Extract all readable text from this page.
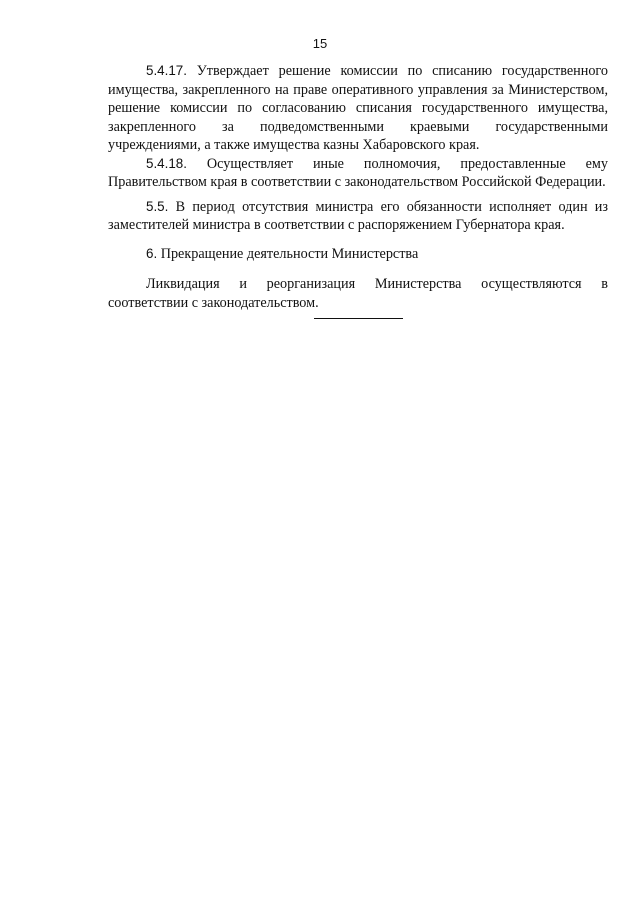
15

5.4.17. Утверждает решение комиссии по списанию государственного имущества, закрепленного на праве оперативного управления за Министерством, решение комиссии по согласованию списания государственного имущества, закрепленного за подведомственными краевыми государственными учреждениями, а также имущества казны Хабаровского края.

5.4.18. Осуществляет иные полномочия, предоставленные ему Правительством края в соответствии с законодательством Российской Федерации.

5.5. В период отсутствия министра его обязанности исполняет один из заместителей министра в соответствии с распоряжением Губернатора края.

6. Прекращение деятельности Министерства

Ликвидация и реорганизация Министерства осуществляются в соответствии с законодательством.
